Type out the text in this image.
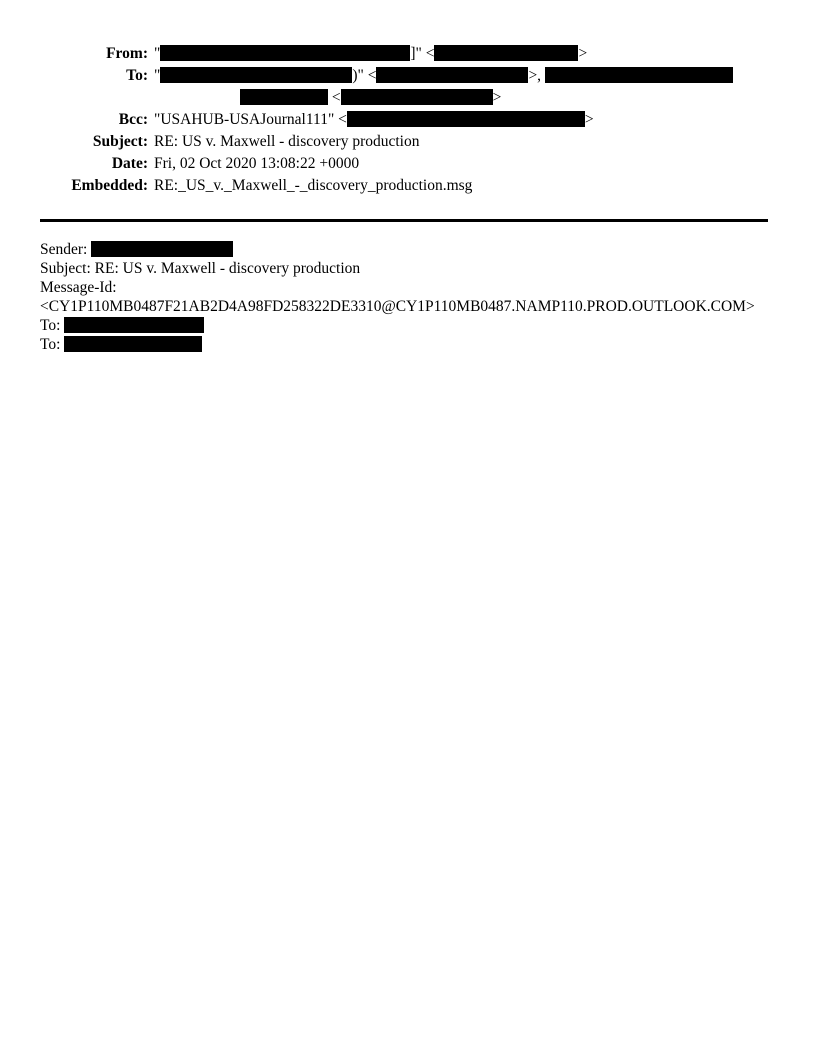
From: "	]" <	>
To: "	)" <	>,
<	>
Bcc: "USAHUB-USAJournal111" <	>
Subject: RE: US v. Maxwell - discovery production
Date: Fri, 02 Oct 2020 13:08:22 +0000
Embedded: RE:_US_v._Maxwell_-_discovery_production.msg
Sender:
Subject: RE: US v. Maxwell - discovery production
Message-Id:
<CY1P110MB0487F21AB2D4A98FD258322DE3310@CY1P110MB0487.NAMP110.PROD.OUTLOOK.COM>
To:
To:
